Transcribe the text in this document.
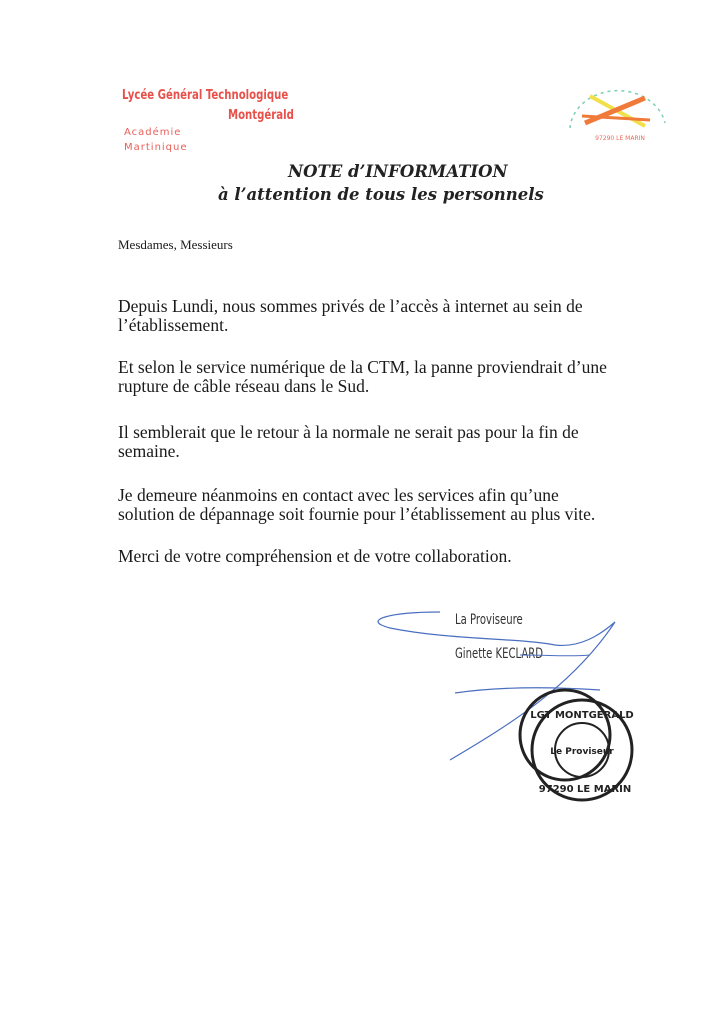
Lycée Général Technologique
Montgérald
Académie
Martinique
97290 LE MARIN
NOTE d’INFORMATION
à l’attention de tous les personnels
Mesdames, Messieurs
Depuis Lundi, nous sommes privés de l’accès à internet au sein de
l’établissement.
Et selon le service numérique de la CTM, la panne proviendrait d’une
rupture de câble réseau dans le Sud.
Il semblerait que le retour à la normale ne serait pas pour la fin de
semaine.
Je demeure néanmoins en contact avec les services afin qu’une
solution de dépannage soit fournie pour l’établissement au plus vite.
Merci de votre compréhension et de votre collaboration.
La Proviseure
Ginette KECLARD
Le Proviseur
LGT MONTGERALD
97290 LE MARIN
